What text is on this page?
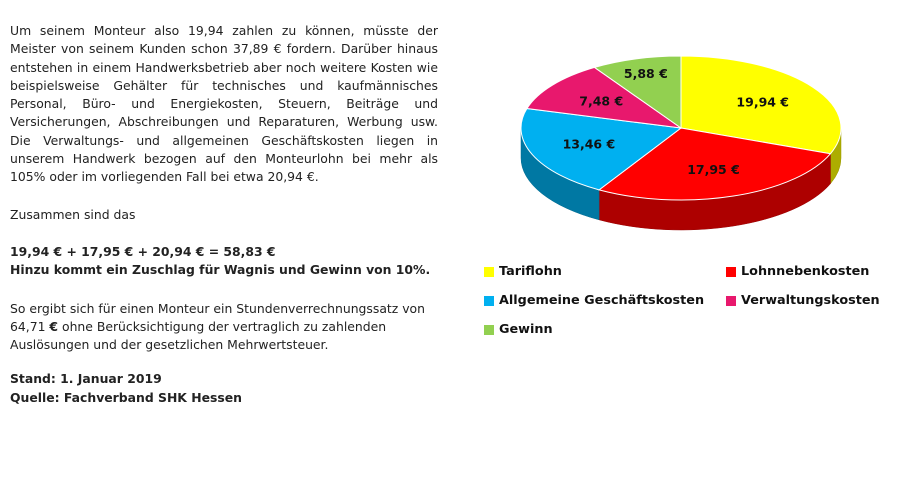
Um seinem Monteur also 19,94 zahlen zu können, müsste der Meister von seinem Kunden schon 37,89 € fordern. Darüber hinaus entstehen in einem Handwerksbetrieb aber noch weitere Kosten wie beispielsweise Gehälter für technisches und kaufmännisches Personal, Büro- und Energiekosten, Steuern, Beiträge und Versicherungen, Abschreibungen und Reparaturen, Werbung usw. Die Verwaltungs- und allgemeinen Geschäftskosten liegen in unserem Handwerk bezogen auf den Monteurlohn bei mehr als 105% oder im vorliegenden Fall bei etwa 20,94 €.

Zusammen sind das

19,94 € + 17,95 € + 20,94 € = 58,83 €

Hinzu kommt ein Zuschlag für Wagnis und Gewinn von 10%.

So ergibt sich für einen Monteur ein Stundenverrechnungssatz von 64,71 € ohne Berücksichtigung der vertraglich zu zahlenden Auslösungen und der gesetzlichen Mehrwertsteuer.

Stand: 1. Januar 2019

Quelle: Fachverband SHK Hessen

19,94 €
17,95 €
13,46 €
7,48 €
5,88 €
Tariflohn	Lohnnebenkosten
Allgemeine Geschäftskosten	Verwaltungskosten
Gewinn
